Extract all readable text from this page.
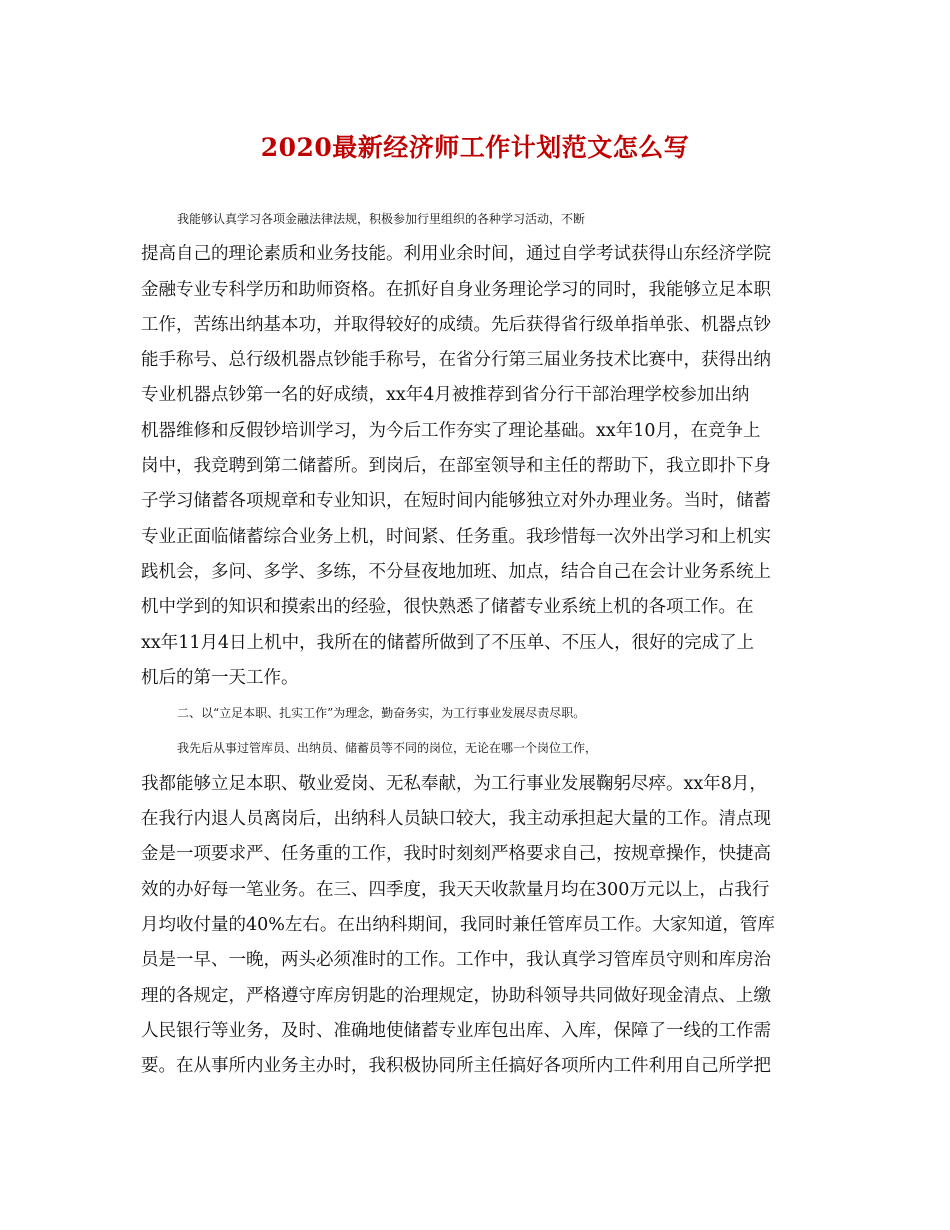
2020最新经济师工作计划范文怎么写
我能够认真学习各项金融法律法规，积极参加行里组织的各种学习活动，不断
提高自己的理论素质和业务技能。利用业余时间，通过自学考试获得山东经济学院
金融专业专科学历和助师资格。在抓好自身业务理论学习的同时，我能够立足本职
工作，苦练出纳基本功，并取得较好的成绩。先后获得省行级单指单张、机器点钞
能手称号、总行级机器点钞能手称号，在省分行第三届业务技术比赛中，获得出纳
专业机器点钞第一名的好成绩，xx年4月被推荐到省分行干部治理学校参加出纳
机器维修和反假钞培训学习，为今后工作夯实了理论基础。xx年10月，在竞争上
岗中，我竞聘到第二储蓄所。到岗后，在部室领导和主任的帮助下，我立即扑下身
子学习储蓄各项规章和专业知识，在短时间内能够独立对外办理业务。当时，储蓄
专业正面临储蓄综合业务上机，时间紧、任务重。我珍惜每一次外出学习和上机实
践机会，多问、多学、多练，不分昼夜地加班、加点，结合自己在会计业务系统上
机中学到的知识和摸索出的经验，很快熟悉了储蓄专业系统上机的各项工作。在
xx年11月4日上机中，我所在的储蓄所做到了不压单、不压人，很好的完成了上
机后的第一天工作。
二、以“立足本职、扎实工作”为理念，勤奋务实，为工行事业发展尽责尽职。
我先后从事过管库员、出纳员、储蓄员等不同的岗位，无论在哪一个岗位工作，
我都能够立足本职、敬业爱岗、无私奉献，为工行事业发展鞠躬尽瘁。xx年8月，
在我行内退人员离岗后，出纳科人员缺口较大，我主动承担起大量的工作。清点现
金是一项要求严、任务重的工作，我时时刻刻严格要求自己，按规章操作，快捷高
效的办好每一笔业务。在三、四季度，我天天收款量月均在300万元以上，占我行
月均收付量的40%左右。在出纳科期间，我同时兼任管库员工作。大家知道，管库
员是一早、一晚，两头必须准时的工作。工作中，我认真学习管库员守则和库房治
理的各规定，严格遵守库房钥匙的治理规定，协助科领导共同做好现金清点、上缴
人民银行等业务，及时、准确地使储蓄专业库包出库、入库，保障了一线的工作需
要。在从事所内业务主办时，我积极协同所主任搞好各项所内工件利用自己所学把
